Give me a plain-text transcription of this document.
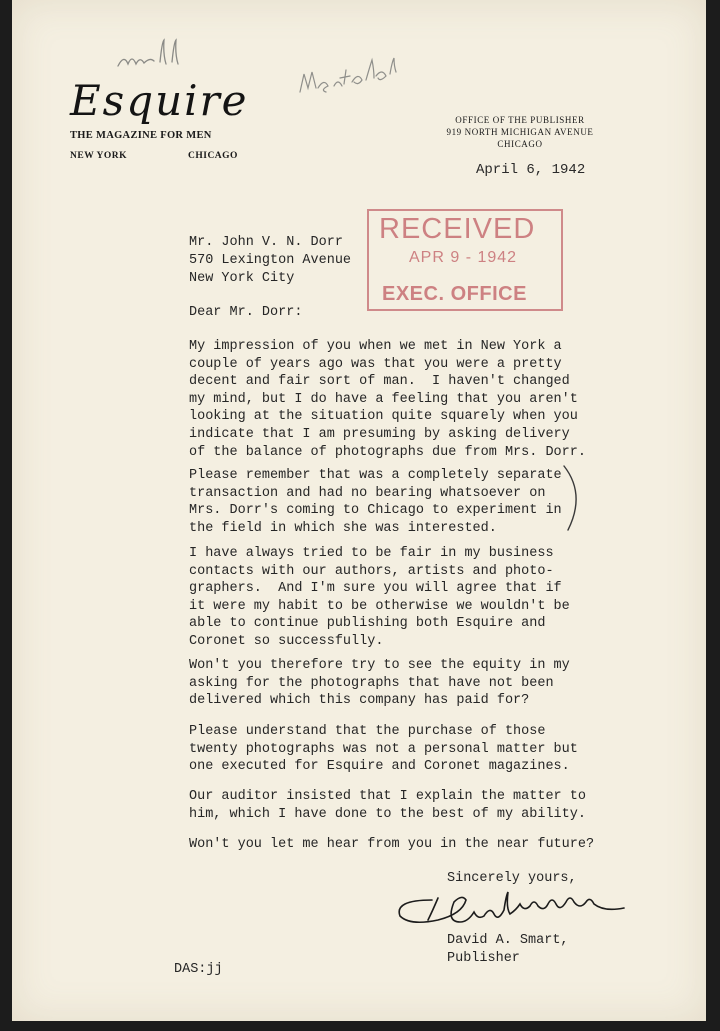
Esquire
THE MAGAZINE FOR MEN
NEW YORK	CHICAGO
OFFICE OF THE PUBLISHER
919 NORTH MICHIGAN AVENUE
CHICAGO
April 6, 1942
RECEIVED
APR 9 - 1942
EXEC. OFFICE
Mr. John V. N. Dorr
570 Lexington Avenue
New York City
Dear Mr. Dorr:
My impression of you when we met in New York a
couple of years ago was that you were a pretty
decent and fair sort of man.  I haven't changed
my mind, but I do have a feeling that you aren't
looking at the situation quite squarely when you
indicate that I am presuming by asking delivery
of the balance of photographs due from Mrs. Dorr.
Please remember that was a completely separate
transaction and had no bearing whatsoever on
Mrs. Dorr's coming to Chicago to experiment in
the field in which she was interested.
I have always tried to be fair in my business
contacts with our authors, artists and photo-
graphers.  And I'm sure you will agree that if
it were my habit to be otherwise we wouldn't be
able to continue publishing both Esquire and
Coronet so successfully.
Won't you therefore try to see the equity in my
asking for the photographs that have not been
delivered which this company has paid for?
Please understand that the purchase of those
twenty photographs was not a personal matter but
one executed for Esquire and Coronet magazines.
Our auditor insisted that I explain the matter to
him, which I have done to the best of my ability.
Won't you let me hear from you in the near future?
Sincerely yours,
David A. Smart,
Publisher
DAS:jj
